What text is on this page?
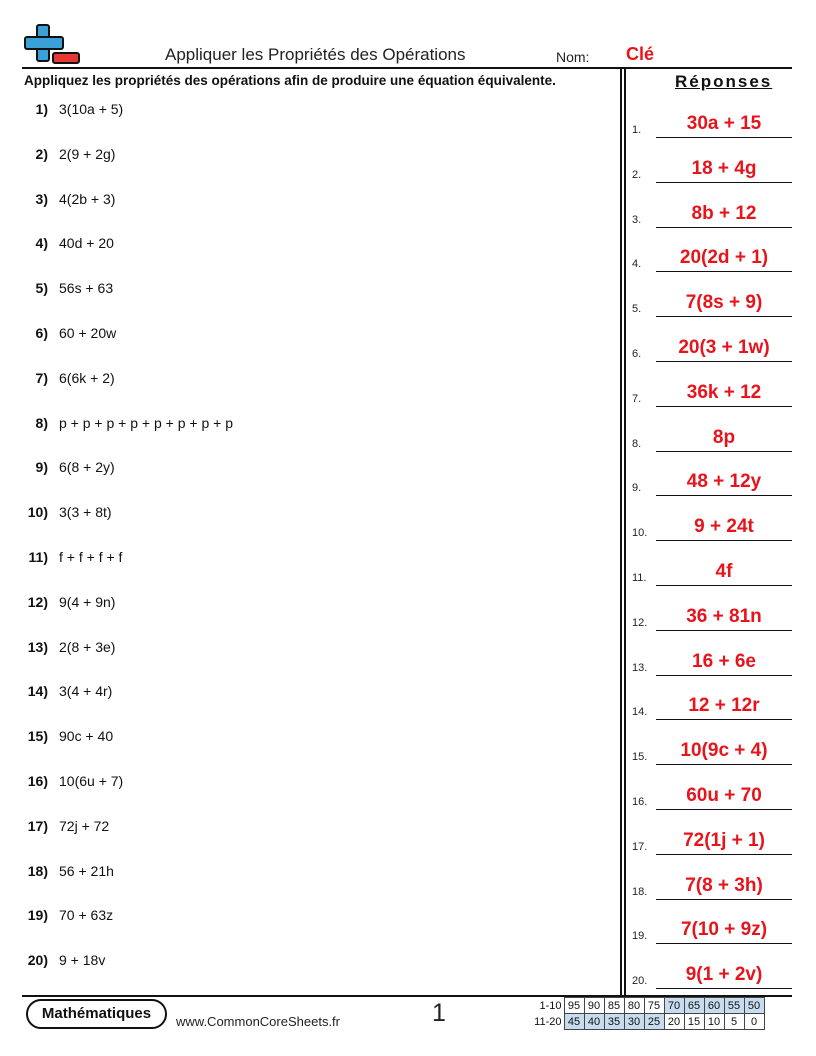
Appliquer les Propriétés des Opérations	Nom: Clé
Appliquez les propriétés des opérations afin de produire une équation équivalente.	Réponses
1) 3(10a + 5)
2) 2(9 + 2g)
3) 4(2b + 3)
4) 40d + 20
5) 56s + 63
6) 60 + 20w
7) 6(6k + 2)
8) p + p + p + p + p + p + p + p
9) 6(8 + 2y)
10) 3(3 + 8t)
11) f + f + f + f
12) 9(4 + 9n)
13) 2(8 + 3e)
14) 3(4 + 4r)
15) 90c + 40
16) 10(6u + 7)
17) 72j + 72
18) 56 + 21h
19) 70 + 63z
20) 9 + 18v
1.	30a + 15
2.	18 + 4g
3.	8b + 12
4.	20(2d + 1)
5.	7(8s + 9)
6.	20(3 + 1w)
7.	36k + 12
8.	8p
9.	48 + 12y
10.	9 + 24t
11.	4f
12.	36 + 81n
13.	16 + 6e
14.	12 + 12r
15.	10(9c + 4)
16.	60u + 70
17.	72(1j + 1)
18.	7(8 + 3h)
19.	7(10 + 9z)
20.	9(1 + 2v)
Mathématiques	www.CommonCoreSheets.fr	1	1-10	95	90	85	80	75	70	65	60	55	50
11-20	45	40	35	30	25	20	15	10	5	0
